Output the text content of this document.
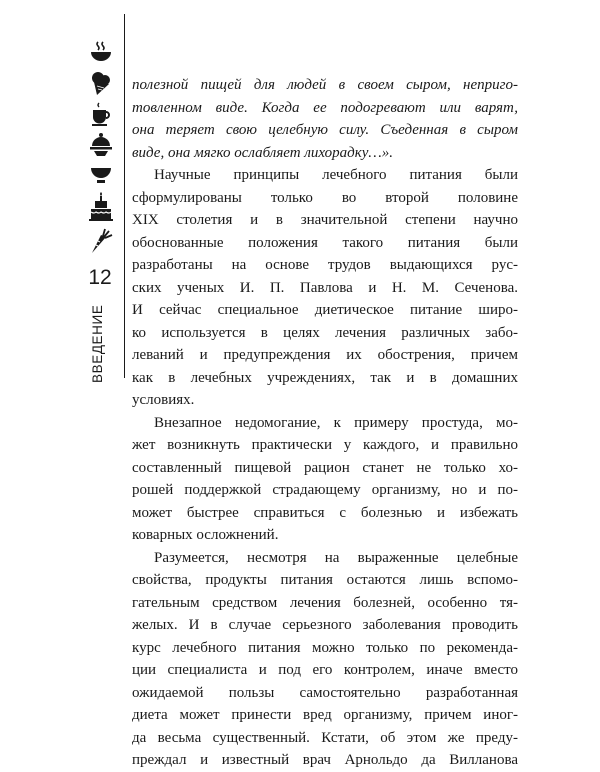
12
ВВЕДЕНИЕ

полезной пищей для людей в своем сыром, неприго-
товленном виде. Когда ее подогревают или варят,
она теряет свою целебную силу. Съеденная в сыром
виде, она мягко ослабляет лихорадку…».

Научные принципы лечебного питания были
сформулированы только во второй половине
XIX столетия и в значительной степени научно
обоснованные положения такого питания были
разработаны на основе трудов выдающихся рус-
ских ученых И. П. Павлова и Н. М. Сеченова.
И сейчас специальное диетическое питание широ-
ко используется в целях лечения различных забо-
леваний и предупреждения их обострения, причем
как в лечебных учреждениях, так и в домашних
условиях.

Внезапное недомогание, к примеру простуда, мо-
жет возникнуть практически у каждого, и правильно
составленный пищевой рацион станет не только хо-
рошей поддержкой страдающему организму, но и по-
может быстрее справиться с болезнью и избежать
коварных осложнений.

Разумеется, несмотря на выраженные целебные
свойства, продукты питания остаются лишь вспомо-
гательным средством лечения болезней, особенно тя-
желых. И в случае серьезного заболевания проводить
курс лечебного питания можно только по рекоменда-
ции специалиста и под его контролем, иначе вместо
ожидаемой пользы самостоятельно разработанная
диета может принести вред организму, причем иног-
да весьма существенный. Кстати, об этом же преду-
преждал и известный врач Арнольдо да Вилланова
